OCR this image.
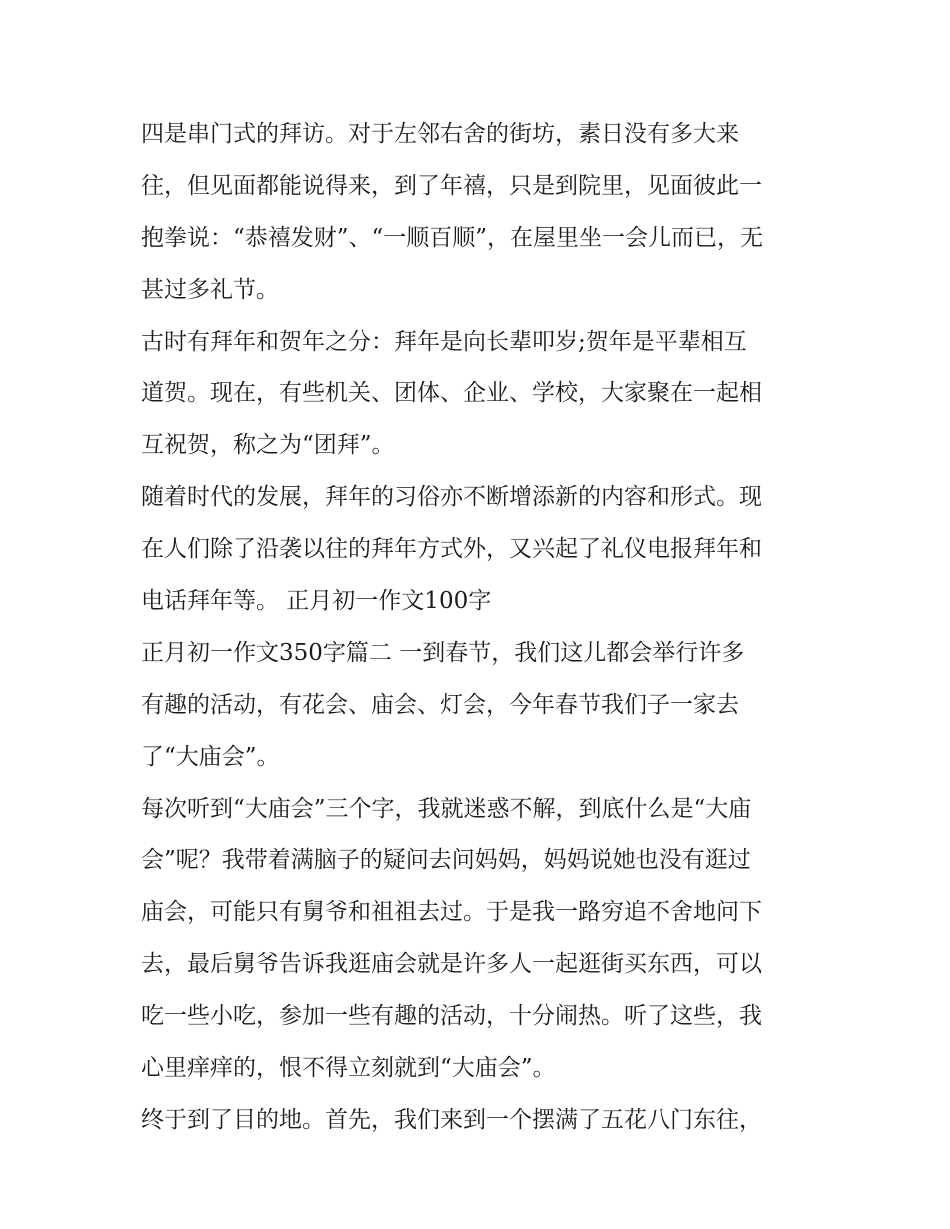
四是串门式的拜访。对于左邻右舍的街坊，素日没有多大来
往，但见面都能说得来，到了年禧，只是到院里，见面彼此一
抱拳说：“恭禧发财”、“一顺百顺”，在屋里坐一会儿而已，无
甚过多礼节。
古时有拜年和贺年之分：拜年是向长辈叩岁;贺年是平辈相互
道贺。现在，有些机关、团体、企业、学校，大家聚在一起相
互祝贺，称之为“团拜”。
随着时代的发展，拜年的习俗亦不断增添新的内容和形式。现
在人们除了沿袭以往的拜年方式外，又兴起了礼仪电报拜年和
电话拜年等。 正月初一作文100字
正月初一作文350字篇二 一到春节，我们这儿都会举行许多
有趣的活动，有花会、庙会、灯会，今年春节我们子一家去
了“大庙会”。
每次听到“大庙会”三个字，我就迷惑不解，到底什么是“大庙
会”呢？我带着满脑子的疑问去问妈妈，妈妈说她也没有逛过
庙会，可能只有舅爷和祖祖去过。于是我一路穷追不舍地问下
去，最后舅爷告诉我逛庙会就是许多人一起逛街买东西，可以
吃一些小吃，参加一些有趣的活动，十分闹热。听了这些，我
心里痒痒的，恨不得立刻就到“大庙会”。
终于到了目的地。首先，我们来到一个摆满了五花八门东往，
